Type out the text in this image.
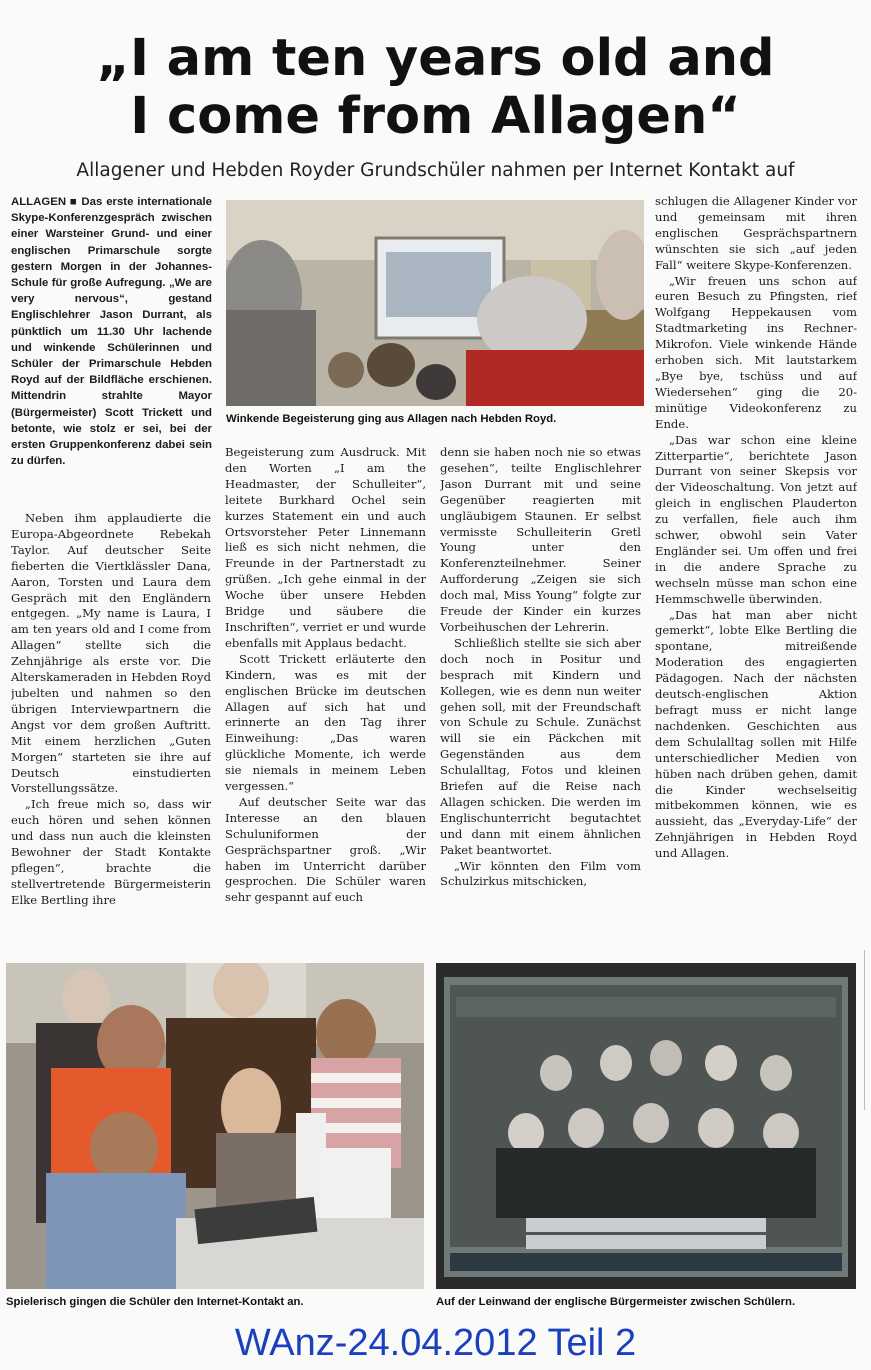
„I am ten years old and
I come from Allagen“
Allagener und Hebden Royder Grundschüler nahmen per Internet Kontakt auf
Winkende Begeisterung ging aus Allagen nach Hebden Royd.

ALLAGEN ■ Das erste internationale Skype-Konferenzgespräch zwischen einer Warsteiner Grund- und einer englischen Primarschule sorgte gestern Morgen in der Johannes-Schule für große Aufregung. „We are very nervous“, gestand Englischlehrer Jason Durrant, als pünktlich um 11.30 Uhr lachende und winkende Schülerinnen und Schüler der Primarschule Hebden Royd auf der Bildfläche erschienen. Mittendrin strahlte Mayor (Bürgermeister) Scott Trickett und betonte, wie stolz er sei, bei der ersten Gruppenkonferenz dabei sein zu dürfen.

Neben ihm applaudierte die Europa-Abgeordnete Rebekah Taylor. Auf deutscher Seite fieberten die Viertklässler Dana, Aaron, Torsten und Laura dem Gespräch mit den Engländern entgegen. „My name is Laura, I am ten years old and I come from Allagen“ stellte sich die Zehnjährige als erste vor. Die Alterskameraden in Hebden Royd jubelten und nahmen so den übrigen Interviewpartnern die Angst vor dem großen Auftritt. Mit einem herzlichen „Guten Morgen“ starteten sie ihre auf Deutsch einstudierten Vorstellungssätze.

„Ich freue mich so, dass wir euch hören und sehen können und dass nun auch die kleinsten Bewohner der Stadt Kontakte pflegen“, brachte die stellvertretende Bürgermeisterin Elke Bertling ihre

Begeisterung zum Ausdruck. Mit den Worten „I am the Headmaster, der Schulleiter“, leitete Burkhard Ochel sein kurzes Statement ein und auch Ortsvorsteher Peter Linnemann ließ es sich nicht nehmen, die Freunde in der Partnerstadt zu grüßen. „Ich gehe einmal in der Woche über unsere Hebden Bridge und säubere die Inschriften“, verriet er und wurde ebenfalls mit Applaus bedacht.

Scott Trickett erläuterte den Kindern, was es mit der englischen Brücke im deutschen Allagen auf sich hat und erinnerte an den Tag ihrer Einweihung: „Das waren glückliche Momente, ich werde sie niemals in meinem Leben vergessen.“

Auf deutscher Seite war das Interesse an den blauen Schuluniformen der Gesprächspartner groß. „Wir haben im Unterricht darüber gesprochen. Die Schüler waren sehr gespannt auf euch

denn sie haben noch nie so etwas gesehen“, teilte Englischlehrer Jason Durrant mit und seine Gegenüber reagierten mit ungläubigem Staunen. Er selbst vermisste Schulleiterin Gretl Young unter den Konferenzteilnehmer. Seiner Aufforderung „Zeigen sie sich doch mal, Miss Young“ folgte zur Freude der Kinder ein kurzes Vorbeihuschen der Lehrerin.

Schließlich stellte sie sich aber doch noch in Positur und besprach mit Kindern und Kollegen, wie es denn nun weiter gehen soll, mit der Freundschaft von Schule zu Schule. Zunächst will sie ein Päckchen mit Gegenständen aus dem Schulalltag, Fotos und kleinen Briefen auf die Reise nach Allagen schicken. Die werden im Englischunterricht begutachtet und dann mit einem ähnlichen Paket beantwortet.

„Wir könnten den Film vom Schulzirkus mitschicken,

schlugen die Allagener Kinder vor und gemeinsam mit ihren englischen Gesprächspartnern wünschten sie sich „auf jeden Fall“ weitere Skype-Konferenzen.

„Wir freuen uns schon auf euren Besuch zu Pfingsten, rief Wolfgang Heppekausen vom Stadtmarketing ins Rechner-Mikrofon. Viele winkende Hände erhoben sich. Mit lautstarkem „Bye bye, tschüss und auf Wiedersehen“ ging die 20-minütige Videokonferenz zu Ende.

„Das war schon eine kleine Zitterpartie“, berichtete Jason Durrant von seiner Skepsis vor der Videoschaltung. Von jetzt auf gleich in englischen Plauderton zu verfallen, fiele auch ihm schwer, obwohl sein Vater Engländer sei. Um offen und frei in die andere Sprache zu wechseln müsse man schon eine Hemmschwelle überwinden.

„Das hat man aber nicht gemerkt“, lobte Elke Bertling die spontane, mitreißende Moderation des engagierten Pädagogen. Nach der nächsten deutsch-englischen Aktion befragt muss er nicht lange nachdenken. Geschichten aus dem Schulalltag sollen mit Hilfe unterschiedlicher Medien von hüben nach drüben gehen, damit die Kinder wechselseitig mitbekommen können, wie es aussieht, das „Everyday-Life“ der Zehnjährigen in Hebden Royd und Allagen.

Spielerisch gingen die Schüler den Internet-Kontakt an.	Auf der Leinwand der englische Bürgermeister zwischen Schülern.
WAnz-24.04.2012 Teil 2
